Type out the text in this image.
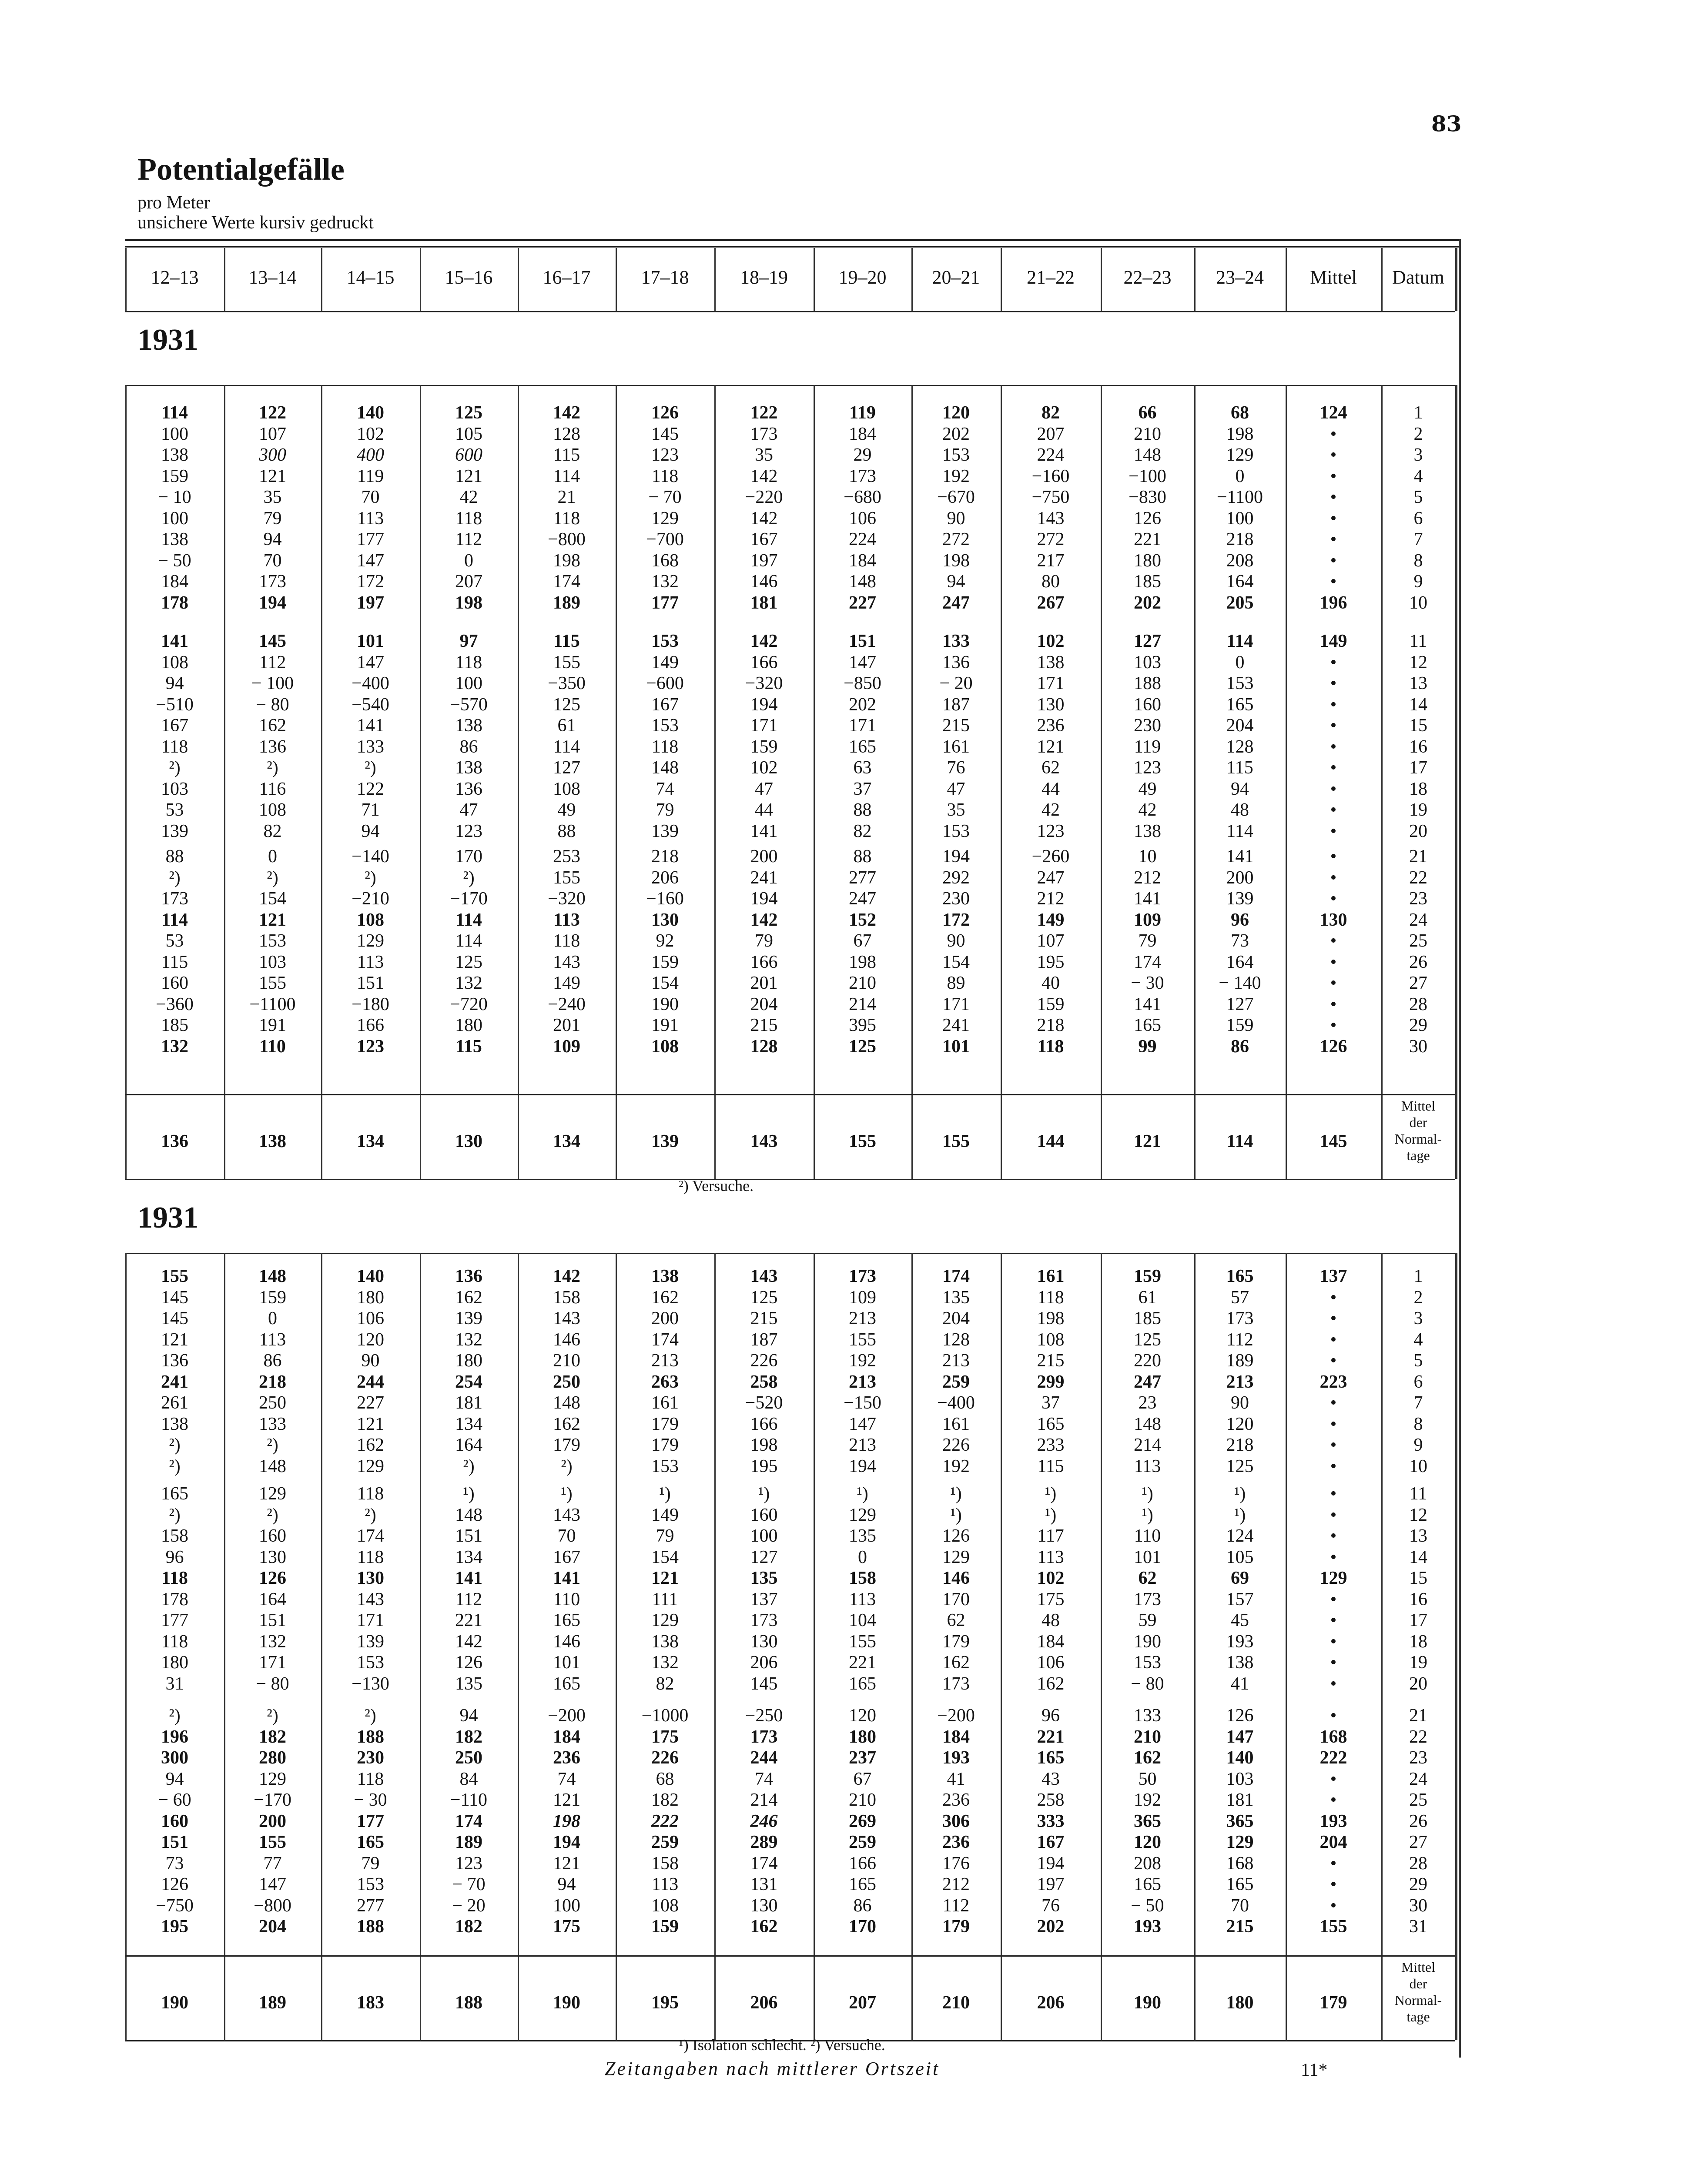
83
Potentialgefälle
pro Meter
unsichere Werte kursiv gedruckt
12–13	13–14	14–15	15–16	16–17	17–18	18–19	19–20	20–21	21–22	22–23	23–24	Mittel	Datum
1931
114	122	140	125	142	126	122	119	120	82	66	68	124	1
100	107	102	105	128	145	173	184	202	207	210	198	•	2
138	300	400	600	115	123	35	29	153	224	148	129	•	3
159	121	119	121	114	118	142	173	192	−160	−100	0	•	4
− 10	35	70	42	21	− 70	−220	−680	−670	−750	−830	−1100	•	5
100	79	113	118	118	129	142	106	90	143	126	100	•	6
138	94	177	112	−800	−700	167	224	272	272	221	218	•	7
− 50	70	147	0	198	168	197	184	198	217	180	208	•	8
184	173	172	207	174	132	146	148	94	80	185	164	•	9
178	194	197	198	189	177	181	227	247	267	202	205	196	10
141	145	101	97	115	153	142	151	133	102	127	114	149	11
108	112	147	118	155	149	166	147	136	138	103	0	•	12
94	− 100	−400	100	−350	−600	−320	−850	− 20	171	188	153	•	13
−510	− 80	−540	−570	125	167	194	202	187	130	160	165	•	14
167	162	141	138	61	153	171	171	215	236	230	204	•	15
118	136	133	86	114	118	159	165	161	121	119	128	•	16
²)	²)	²)	138	127	148	102	63	76	62	123	115	•	17
103	116	122	136	108	74	47	37	47	44	49	94	•	18
53	108	71	47	49	79	44	88	35	42	42	48	•	19
139	82	94	123	88	139	141	82	153	123	138	114	•	20
88	0	−140	170	253	218	200	88	194	−260	10	141	•	21
²)	²)	²)	²)	155	206	241	277	292	247	212	200	•	22
173	154	−210	−170	−320	−160	194	247	230	212	141	139	•	23
114	121	108	114	113	130	142	152	172	149	109	96	130	24
53	153	129	114	118	92	79	67	90	107	79	73	•	25
115	103	113	125	143	159	166	198	154	195	174	164	•	26
160	155	151	132	149	154	201	210	89	40	− 30	− 140	•	27
−360	−1100	−180	−720	−240	190	204	214	171	159	141	127	•	28
185	191	166	180	201	191	215	395	241	218	165	159	•	29
132	110	123	115	109	108	128	125	101	118	99	86	126	30
136	138	134	130	134	139	143	155	155	144	121	114	145
Mittel
der
Normal-
tage
²) Versuche.
1931
155	148	140	136	142	138	143	173	174	161	159	165	137	1
145	159	180	162	158	162	125	109	135	118	61	57	•	2
145	0	106	139	143	200	215	213	204	198	185	173	•	3
121	113	120	132	146	174	187	155	128	108	125	112	•	4
136	86	90	180	210	213	226	192	213	215	220	189	•	5
241	218	244	254	250	263	258	213	259	299	247	213	223	6
261	250	227	181	148	161	−520	−150	−400	37	23	90	•	7
138	133	121	134	162	179	166	147	161	165	148	120	•	8
²)	²)	162	164	179	179	198	213	226	233	214	218	•	9
²)	148	129	²)	²)	153	195	194	192	115	113	125	•	10
165	129	118	¹)	¹)	¹)	¹)	¹)	¹)	¹)	¹)	¹)	•	11
²)	²)	²)	148	143	149	160	129	¹)	¹)	¹)	¹)	•	12
158	160	174	151	70	79	100	135	126	117	110	124	•	13
96	130	118	134	167	154	127	0	129	113	101	105	•	14
118	126	130	141	141	121	135	158	146	102	62	69	129	15
178	164	143	112	110	111	137	113	170	175	173	157	•	16
177	151	171	221	165	129	173	104	62	48	59	45	•	17
118	132	139	142	146	138	130	155	179	184	190	193	•	18
180	171	153	126	101	132	206	221	162	106	153	138	•	19
31	− 80	−130	135	165	82	145	165	173	162	− 80	41	•	20
²)	²)	²)	94	−200	−1000	−250	120	−200	96	133	126	•	21
196	182	188	182	184	175	173	180	184	221	210	147	168	22
300	280	230	250	236	226	244	237	193	165	162	140	222	23
94	129	118	84	74	68	74	67	41	43	50	103	•	24
− 60	−170	− 30	−110	121	182	214	210	236	258	192	181	•	25
160	200	177	174	198	222	246	269	306	333	365	365	193	26
151	155	165	189	194	259	289	259	236	167	120	129	204	27
73	77	79	123	121	158	174	166	176	194	208	168	•	28
126	147	153	− 70	94	113	131	165	212	197	165	165	•	29
−750	−800	277	− 20	100	108	130	86	112	76	− 50	70	•	30
195	204	188	182	175	159	162	170	179	202	193	215	155	31
190	189	183	188	190	195	206	207	210	206	190	180	179
Mittel
der
Normal-
tage
¹) Isolation schlecht. ²) Versuche.
Zeitangaben nach mittlerer Ortszeit	11*
